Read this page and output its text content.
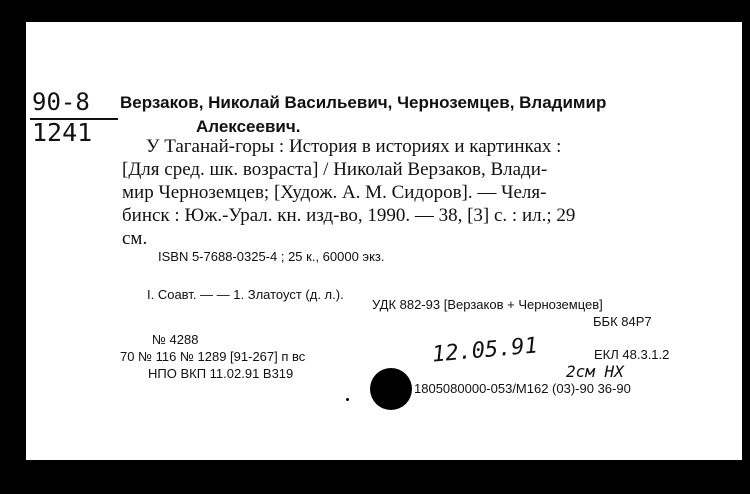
90-8
1241
Верзаков, Николай Васильевич, Черноземцев, Владимир
Алексеевич.
У Таганай-горы : История в историях и картинках :
[Для сред. шк. возраста] / Николай Верзаков, Влади-
мир Черноземцев; [Худож. А. М. Сидоров]. — Челя-
бинск : Юж.-Урал. кн. изд-во, 1990. — 38, [3] с. : ил.; 29
см.
ISBN 5-7688-0325-4 ; 25 к., 60000 экз.
I. Соавт. — — 1. Златоуст (д. л.).
УДК 882-93 [Верзаков + Черноземцев]
ББК 84Р7
№ 4288
70 № 116 № 1289 [91-267] п вс
НПО ВКП 11.02.91 В319
12.05.91
2см НХ
ЕКЛ 48.3.1.2
1805080000-053/М162 (03)-90 36-90
